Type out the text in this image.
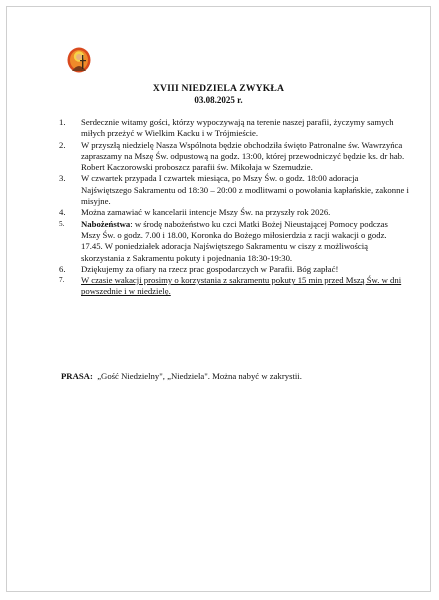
XVIII NIEDZIELA ZWYKŁA
03.08.2025 r.
1. Serdecznie witamy gości, którzy wypoczywają na terenie naszej parafii, życzymy samych miłych przeżyć w Wielkim Kacku i w Trójmieście.
2. W przyszłą niedzielę Nasza Wspólnota będzie obchodziła święto Patronalne św. Wawrzyńca zapraszamy na Mszę Św. odpustową na godz. 13:00, której przewodniczyć będzie ks. dr hab. Robert Kaczorowski proboszcz parafii św. Mikołaja w Szemudzie.
3. W czwartek przypada I czwartek miesiąca, po Mszy Św. o godz. 18:00 adoracja Najświętszego Sakramentu od 18:30 – 20:00 z modlitwami o powołania kapłańskie, zakonne i misyjne.
4. Można zamawiać w kancelarii intencje Mszy Św. na przyszły rok 2026.
5. Nabożeństwa: w środę nabożeństwo ku czci Matki Bożej Nieustającej Pomocy podczas Mszy Św. o godz. 7.00 i 18.00, Koronka do Bożego miłosierdzia z racji wakacji o godz. 17.45. W poniedziałek adoracja Najświętszego Sakramentu w ciszy z możliwością skorzystania z Sakramentu pokuty i pojednania 18:30-19:30.
6. Dziękujemy za ofiary na rzecz prac gospodarczych w Parafii. Bóg zapłać!
7. W czasie wakacji prosimy o korzystania z sakramentu pokuty 15 min przed Mszą Św. w dni powszednie i w niedzielę.
PRASA:  „Gość Niedzielny", „Niedziela". Można nabyć w zakrystii.
